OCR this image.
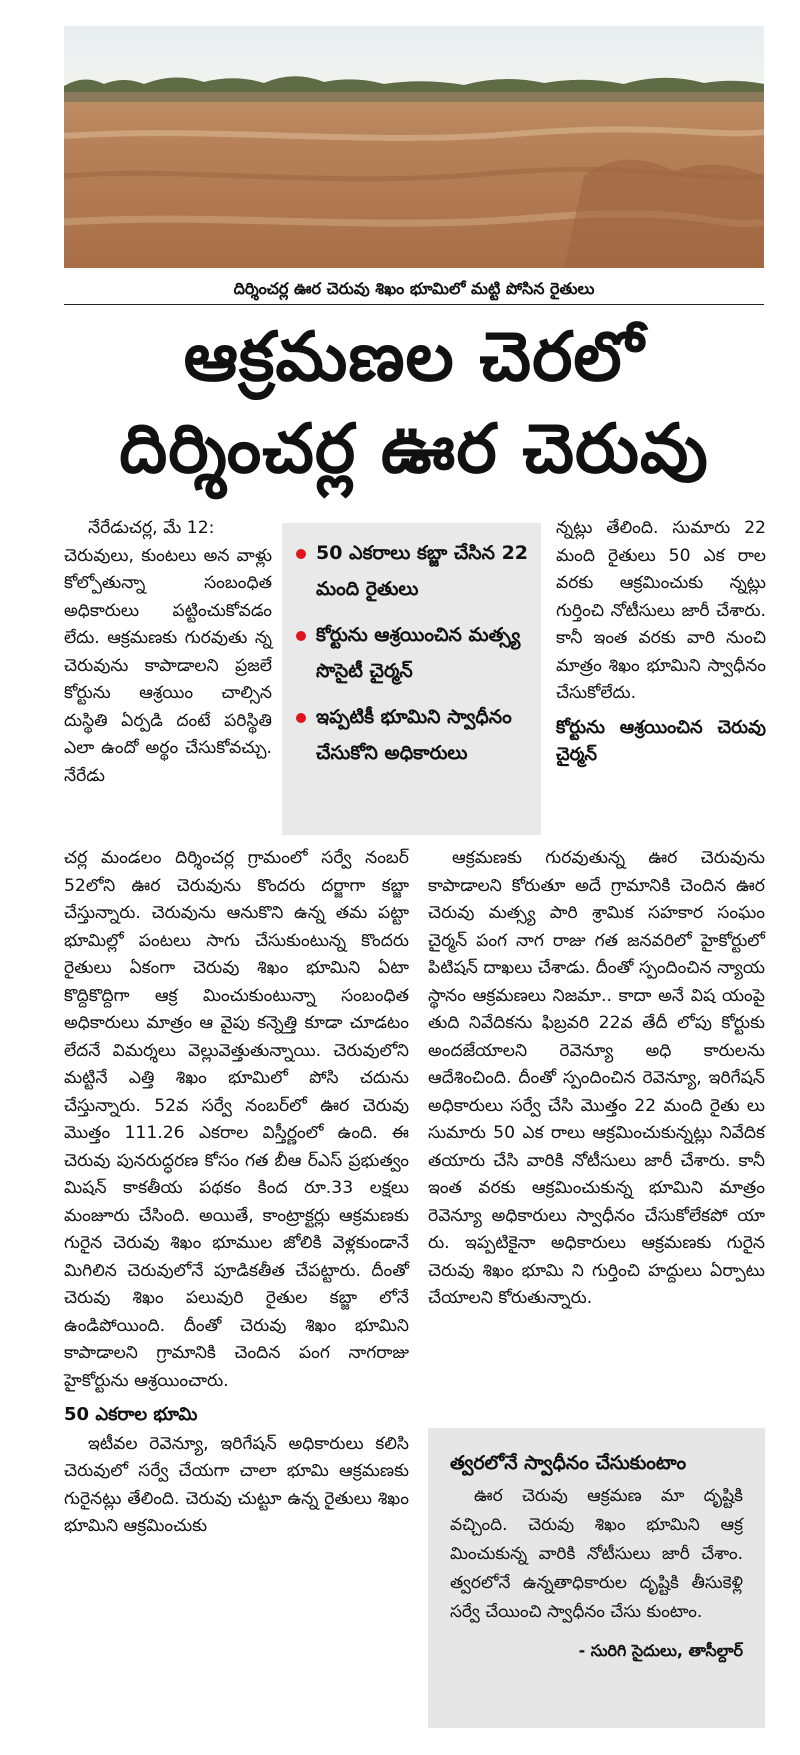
దిర్శించర్ల ఊర చెరువు శిఖం భూమిలో మట్టి పోసిన రైతులు
ఆక్రమణల చెరలో
దిర్శించర్ల ఊర చెరువు

నేరేడుచర్ల, మే 12:

చెరువులు, కుంటలు అన వాళ్లు కోల్పోతున్నా సంబంధిత అధికారులు పట్టించుకోవడం లేదు. ఆక్రమణకు గురవుతు న్న చెరువును కాపాడాలని ప్రజలే కోర్టును ఆశ్రయిం చాల్సిన దుస్థితి ఏర్పడి దంటే పరిస్థితి ఎలా ఉందో అర్థం చేసుకోవచ్చు. నేరేడు

50 ఎకరాలు కబ్జా చేసిన 22 మంది రైతులు
కోర్టును ఆశ్రయించిన మత్స్య సొసైటీ చైర్మన్
ఇప్పటికీ భూమిని స్వాధీనం చేసుకోని అధికారులు

చర్ల మండలం దిర్శించర్ల గ్రామంలో సర్వే నంబర్ 52లోని ఊర చెరువును కొందరు దర్జాగా కబ్జా చేస్తున్నారు. చెరువును ఆనుకొని ఉన్న తమ పట్టా భూమిల్లో పంటలు సాగు చేసుకుంటున్న కొందరు రైతులు ఏకంగా చెరువు శిఖం భూమిని ఏటా కొద్దికొద్దిగా ఆక్ర మించుకుంటున్నా సంబంధిత అధికారులు మాత్రం ఆ వైపు కన్నెత్తి కూడా చూడటం లేదనే విమర్శలు వెల్లువెత్తుతున్నాయి. చెరువులోని మట్టినే ఎత్తి శిఖం భూమిలో పోసి చదును చేస్తున్నారు. 52వ సర్వే నంబర్‌లో ఊర చెరువు మొత్తం 111.26 ఎకరాల విస్తీర్ణంలో ఉంది. ఈ చెరువు పునరుద్ధరణ కోసం గత బీఆ ర్ఎస్ ప్రభుత్వం మిషన్ కాకతీయ పథకం కింద రూ.33 లక్షలు మంజూరు చేసింది. అయితే, కాంట్రాక్టర్లు ఆక్రమణకు గురైన చెరువు శిఖం భూముల జోలికి వెళ్లకుండానే మిగిలిన చెరువులోనే పూడికతీత చేపట్టారు. దీంతో చెరువు శిఖం పలువురి రైతుల కబ్జా లోనే ఉండిపోయింది. దీంతో చెరువు శిఖం భూమిని కాపాడాలని గ్రామానికి చెందిన పంగ నాగరాజు హైకోర్టును ఆశ్రయించారు.

50 ఎకరాల భూమి

ఇటీవల రెవెన్యూ, ఇరిగేషన్ అధికారులు కలిసి చెరువులో సర్వే చేయగా చాలా భూమి ఆక్రమణకు గురైనట్లు తేలింది. చెరువు చుట్టూ ఉన్న రైతులు శిఖం భూమిని ఆక్రమించుకు

న్నట్లు తేలింది. సుమారు 22 మంది రైతులు 50 ఎక రాల వరకు ఆక్రమించుకు న్నట్లు గుర్తించి నోటీసులు జారీ చేశారు. కానీ ఇంత వరకు వారి నుంచి మాత్రం శిఖం భూమిని స్వాధీనం చేసుకోలేదు.

కోర్టును ఆశ్రయించిన చెరువు చైర్మన్

ఆక్రమణకు గురవుతున్న ఊర చెరువును కాపాడాలని కోరుతూ అదే గ్రామానికి చెందిన ఊర చెరువు మత్స్య పారి శ్రామిక సహకార సంఘం చైర్మన్ పంగ నాగ రాజు గత జనవరిలో హైకోర్టులో పిటిషన్ దాఖలు చేశాడు. దీంతో స్పందించిన న్యాయ స్థానం ఆక్రమణలు నిజమా.. కాదా అనే విష యంపై తుది నివేదికను ఫిబ్రవరి 22వ తేదీ లోపు కోర్టుకు అందజేయాలని రెవెన్యూ అధి కారులను ఆదేశించింది. దీంతో స్పందించిన రెవెన్యూ, ఇరిగేషన్ అధికారులు సర్వే చేసి మొత్తం 22 మంది రైతు లు సుమారు 50 ఎక రాలు ఆక్రమించుకున్నట్లు నివేదిక తయారు చేసి వారికి నోటీసులు జారీ చేశారు. కానీ ఇంత వరకు ఆక్రమించుకున్న భూమిని మాత్రం రెవెన్యూ అధికారులు స్వాధీనం చేసుకోలేకపో యా రు. ఇప్పటికైనా అధికారులు ఆక్రమణకు గురైన చెరువు శిఖం భూమి ని గుర్తించి హద్దులు ఏర్పాటు చేయాలని కోరుతున్నారు.

త్వరలోనే స్వాధీనం చేసుకుంటాం
ఊర చెరువు ఆక్రమణ మా దృష్టికి వచ్చింది. చెరువు శిఖం భూమిని ఆక్ర మించుకున్న వారికి నోటీసులు జారీ చేశాం. త్వరలోనే ఉన్నతాధికారుల దృష్టికి తీసుకెళ్లి సర్వే చేయించి స్వాధీనం చేసు కుంటాం.
- సురిగి సైదులు, తాసీల్దార్
